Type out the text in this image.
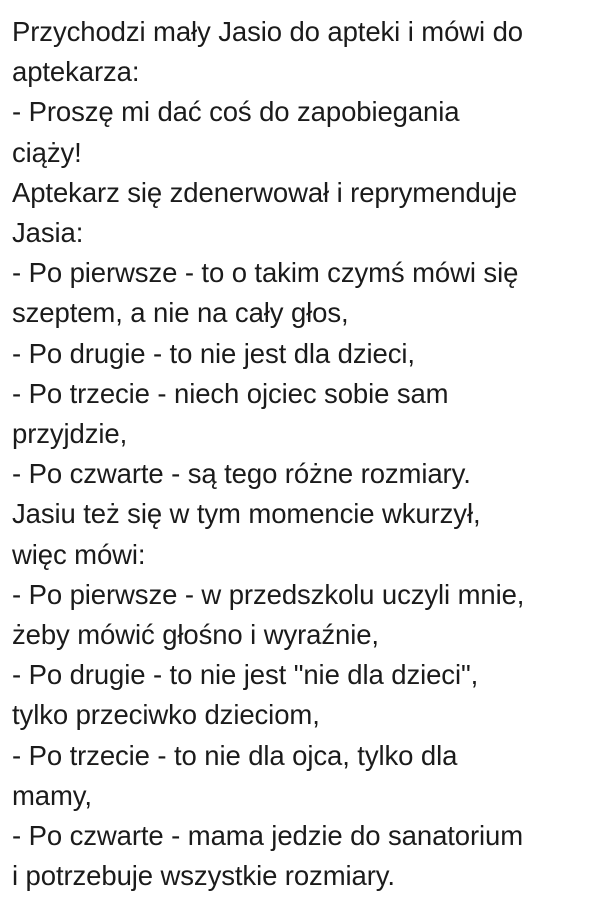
Przychodzi mały Jasio do apteki i mówi do
aptekarza:
- Proszę mi dać coś do zapobiegania
ciąży!
Aptekarz się zdenerwował i reprymenduje
Jasia:
- Po pierwsze - to o takim czymś mówi się
szeptem, a nie na cały głos,
- Po drugie - to nie jest dla dzieci,
- Po trzecie - niech ojciec sobie sam
przyjdzie,
- Po czwarte - są tego różne rozmiary.
Jasiu też się w tym momencie wkurzył,
więc mówi:
- Po pierwsze - w przedszkolu uczyli mnie,
żeby mówić głośno i wyraźnie,
- Po drugie - to nie jest "nie dla dzieci",
tylko przeciwko dzieciom,
- Po trzecie - to nie dla ojca, tylko dla
mamy,
- Po czwarte - mama jedzie do sanatorium
i potrzebuje wszystkie rozmiary.
